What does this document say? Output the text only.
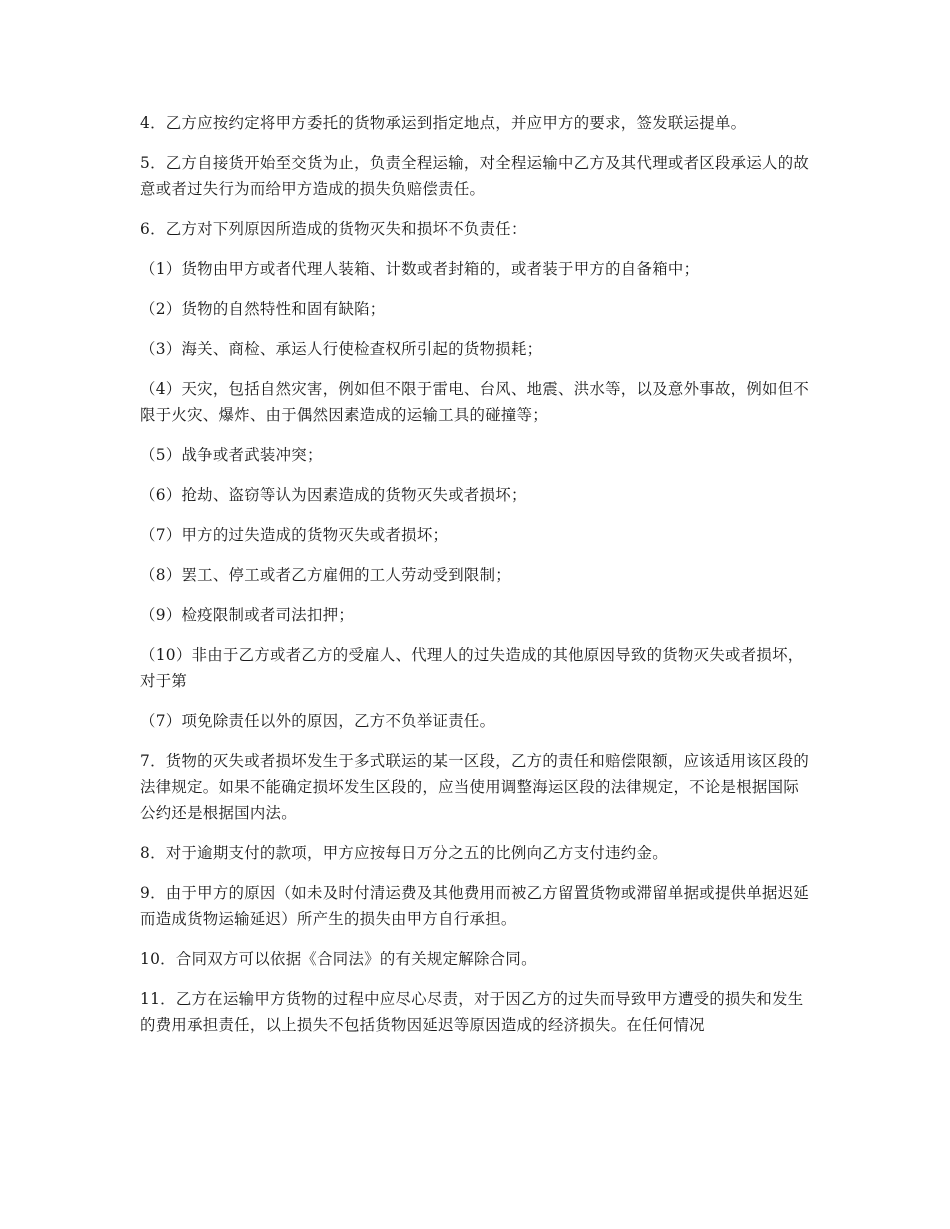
4．乙方应按约定将甲方委托的货物承运到指定地点，并应甲方的要求，签发联运提单。

5．乙方自接货开始至交货为止，负责全程运输，对全程运输中乙方及其代理或者区段承运人的故意或者过失行为而给甲方造成的损失负赔偿责任。

6．乙方对下列原因所造成的货物灭失和损坏不负责任：

（1）货物由甲方或者代理人装箱、计数或者封箱的，或者装于甲方的自备箱中；

（2）货物的自然特性和固有缺陷；

（3）海关、商检、承运人行使检查权所引起的货物损耗；

（4）天灾，包括自然灾害，例如但不限于雷电、台风、地震、洪水等，以及意外事故，例如但不限于火灾、爆炸、由于偶然因素造成的运输工具的碰撞等；

（5）战争或者武装冲突；

（6）抢劫、盗窃等认为因素造成的货物灭失或者损坏；

（7）甲方的过失造成的货物灭失或者损坏；

（8）罢工、停工或者乙方雇佣的工人劳动受到限制；

（9）检疫限制或者司法扣押；

（10）非由于乙方或者乙方的受雇人、代理人的过失造成的其他原因导致的货物灭失或者损坏，对于第

（7）项免除责任以外的原因，乙方不负举证责任。

7．货物的灭失或者损坏发生于多式联运的某一区段，乙方的责任和赔偿限额，应该适用该区段的法律规定。如果不能确定损坏发生区段的，应当使用调整海运区段的法律规定，不论是根据国际公约还是根据国内法。

8．对于逾期支付的款项，甲方应按每日万分之五的比例向乙方支付违约金。

9．由于甲方的原因（如未及时付清运费及其他费用而被乙方留置货物或滞留单据或提供单据迟延而造成货物运输延迟）所产生的损失由甲方自行承担。

10．合同双方可以依据《合同法》的有关规定解除合同。

11．乙方在运输甲方货物的过程中应尽心尽责，对于因乙方的过失而导致甲方遭受的损失和发生的费用承担责任，以上损失不包括货物因延迟等原因造成的经济损失。在任何情况
